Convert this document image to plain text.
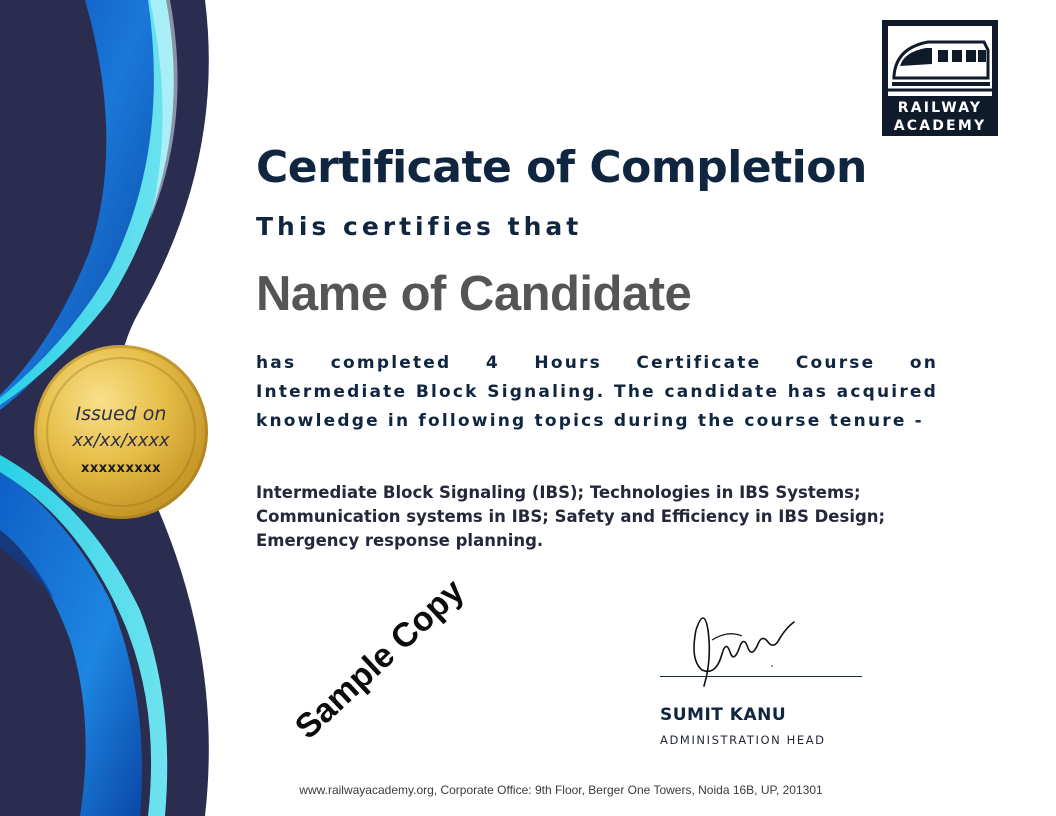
Issued on
xx/xx/xxxx
xxxxxxxxx
RAILWAY
ACADEMY
Certificate of Completion
This certifies that
Name of Candidate
has completed 4 Hours Certificate Course on Intermediate Block Signaling. The candidate has acquired knowledge in following topics during the course tenure -
Intermediate Block Signaling (IBS); Technologies in IBS Systems; Communication systems in IBS; Safety and Efficiency in IBS Design; Emergency response planning.
Sample Copy	SUMIT KANU
ADMINISTRATION HEAD
www.railwayacademy.org, Corporate Office: 9th Floor, Berger One Towers, Noida 16B, UP, 201301
